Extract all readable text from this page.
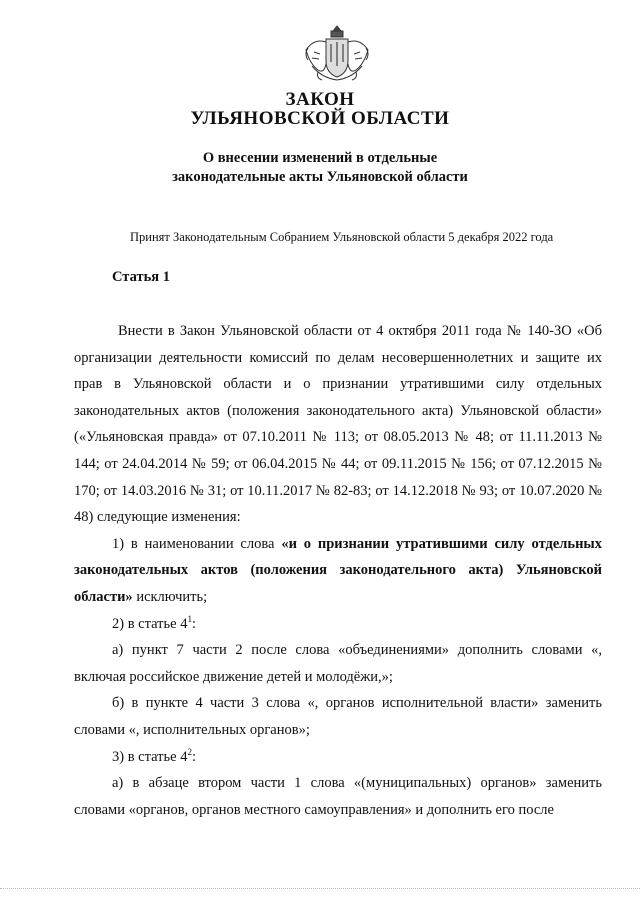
ЗАКОН
УЛЬЯНОВСКОЙ ОБЛАСТИ
О внесении изменений в отдельные
законодательные акты Ульяновской области
Принят Законодательным Собранием Ульяновской области 5 декабря 2022 года
Статья 1

Внести в Закон Ульяновской области от 4 октября 2011 года № 140-ЗО «Об организации деятельности комиссий по делам несовершеннолетних и защите их прав в Ульяновской области и о признании утратившими силу отдельных законодательных актов (положения законодательного акта) Ульяновской области» («Ульяновская правда» от 07.10.2011 № 113; от 08.05.2013 № 48; от 11.11.2013 № 144; от 24.04.2014 № 59; от 06.04.2015 № 44; от 09.11.2015 № 156; от 07.12.2015 № 170; от 14.03.2016 № 31; от 10.11.2017 № 82-83; от 14.12.2018 № 93; от 10.07.2020 № 48) следующие изменения:

1) в наименовании слова «и о признании утратившими силу отдельных законодательных актов (положения законодательного акта) Ульяновской области» исключить;

2) в статье $4^1$:

а) пункт 7 части 2 после слова «объединениями» дополнить словами «, включая российское движение детей и молодёжи,»;

б) в пункте 4 части 3 слова «, органов исполнительной власти» заменить словами «, исполнительных органов»;

3) в статье $4^2$:

а) в абзаце втором части 1 слова «(муниципальных) органов» заменить словами «органов, органов местного самоуправления» и дополнить его после
